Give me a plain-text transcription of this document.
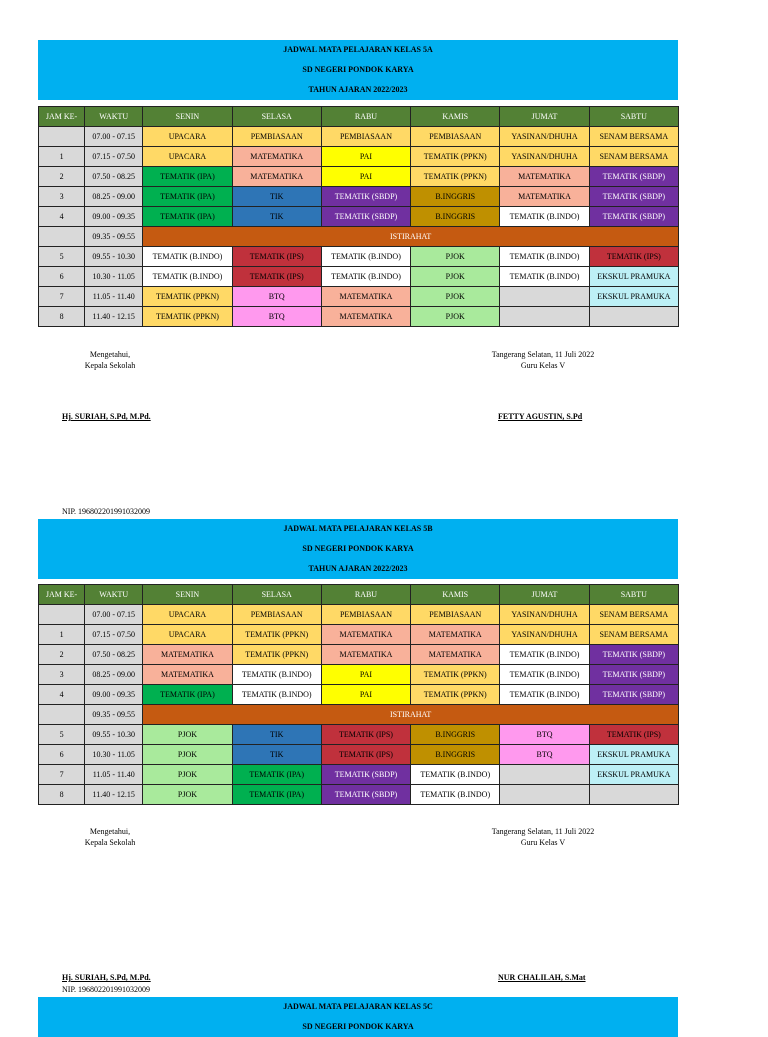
JADWAL MATA PELAJARAN KELAS 5A
SD NEGERI PONDOK KARYA
TAHUN AJARAN 2022/2023
JAM KE-	WAKTU	SENIN	SELASA	RABU	KAMIS	JUMAT	SABTU
	07.00 - 07.15	UPACARA	PEMBIASAAN	PEMBIASAAN	PEMBIASAAN	YASINAN/DHUHA	SENAM BERSAMA
1	07.15 - 07.50	UPACARA	MATEMATIKA	PAI	TEMATIK (PPKN)	YASINAN/DHUHA	SENAM BERSAMA
2	07.50 - 08.25	TEMATIK (IPA)	MATEMATIKA	PAI	TEMATIK (PPKN)	MATEMATIKA	TEMATIK (SBDP)
3	08.25 - 09.00	TEMATIK (IPA)	TIK	TEMATIK (SBDP)	B.INGGRIS	MATEMATIKA	TEMATIK (SBDP)
4	09.00 - 09.35	TEMATIK (IPA)	TIK	TEMATIK (SBDP)	B.INGGRIS	TEMATIK (B.INDO)	TEMATIK (SBDP)
	09.35 - 09.55	ISTIRAHAT					
5	09.55 - 10.30	TEMATIK (B.INDO)	TEMATIK (IPS)	TEMATIK (B.INDO)	PJOK	TEMATIK (B.INDO)	TEMATIK (IPS)
6	10.30 - 11.05	TEMATIK (B.INDO)	TEMATIK (IPS)	TEMATIK (B.INDO)	PJOK	TEMATIK (B.INDO)	EKSKUL PRAMUKA
7	11.05 - 11.40	TEMATIK (PPKN)	BTQ	MATEMATIKA	PJOK		EKSKUL PRAMUKA
8	11.40 - 12.15	TEMATIK (PPKN)	BTQ	MATEMATIKA	PJOK		
Mengetahui,
Kepala Sekolah
Tangerang Selatan, 11 Juli 2022
Guru Kelas V
Hj. SURIAH, S.Pd, M.Pd.	FETTY AGUSTIN, S.Pd
NIP. 196802201991032009
JADWAL MATA PELAJARAN KELAS 5B
SD NEGERI PONDOK KARYA
TAHUN AJARAN 2022/2023
JAM KE-	WAKTU	SENIN	SELASA	RABU	KAMIS	JUMAT	SABTU
	07.00 - 07.15	UPACARA	PEMBIASAAN	PEMBIASAAN	PEMBIASAAN	YASINAN/DHUHA	SENAM BERSAMA
1	07.15 - 07.50	UPACARA	TEMATIK (PPKN)	MATEMATIKA	MATEMATIKA	YASINAN/DHUHA	SENAM BERSAMA
2	07.50 - 08.25	MATEMATIKA	TEMATIK (PPKN)	MATEMATIKA	MATEMATIKA	TEMATIK (B.INDO)	TEMATIK (SBDP)
3	08.25 - 09.00	MATEMATIKA	TEMATIK (B.INDO)	PAI	TEMATIK (PPKN)	TEMATIK (B.INDO)	TEMATIK (SBDP)
4	09.00 - 09.35	TEMATIK (IPA)	TEMATIK (B.INDO)	PAI	TEMATIK (PPKN)	TEMATIK (B.INDO)	TEMATIK (SBDP)
	09.35 - 09.55	ISTIRAHAT					
5	09.55 - 10.30	PJOK	TIK	TEMATIK (IPS)	B.INGGRIS	BTQ	TEMATIK (IPS)
6	10.30 - 11.05	PJOK	TIK	TEMATIK (IPS)	B.INGGRIS	BTQ	EKSKUL PRAMUKA
7	11.05 - 11.40	PJOK	TEMATIK (IPA)	TEMATIK (SBDP)	TEMATIK (B.INDO)		EKSKUL PRAMUKA
8	11.40 - 12.15	PJOK	TEMATIK (IPA)	TEMATIK (SBDP)	TEMATIK (B.INDO)		
Mengetahui,
Kepala Sekolah
Tangerang Selatan, 11 Juli 2022
Guru Kelas V
Hj. SURIAH, S.Pd, M.Pd.	NUR CHALILAH, S.Mat
NIP. 196802201991032009
JADWAL MATA PELAJARAN KELAS 5C
SD NEGERI PONDOK KARYA
